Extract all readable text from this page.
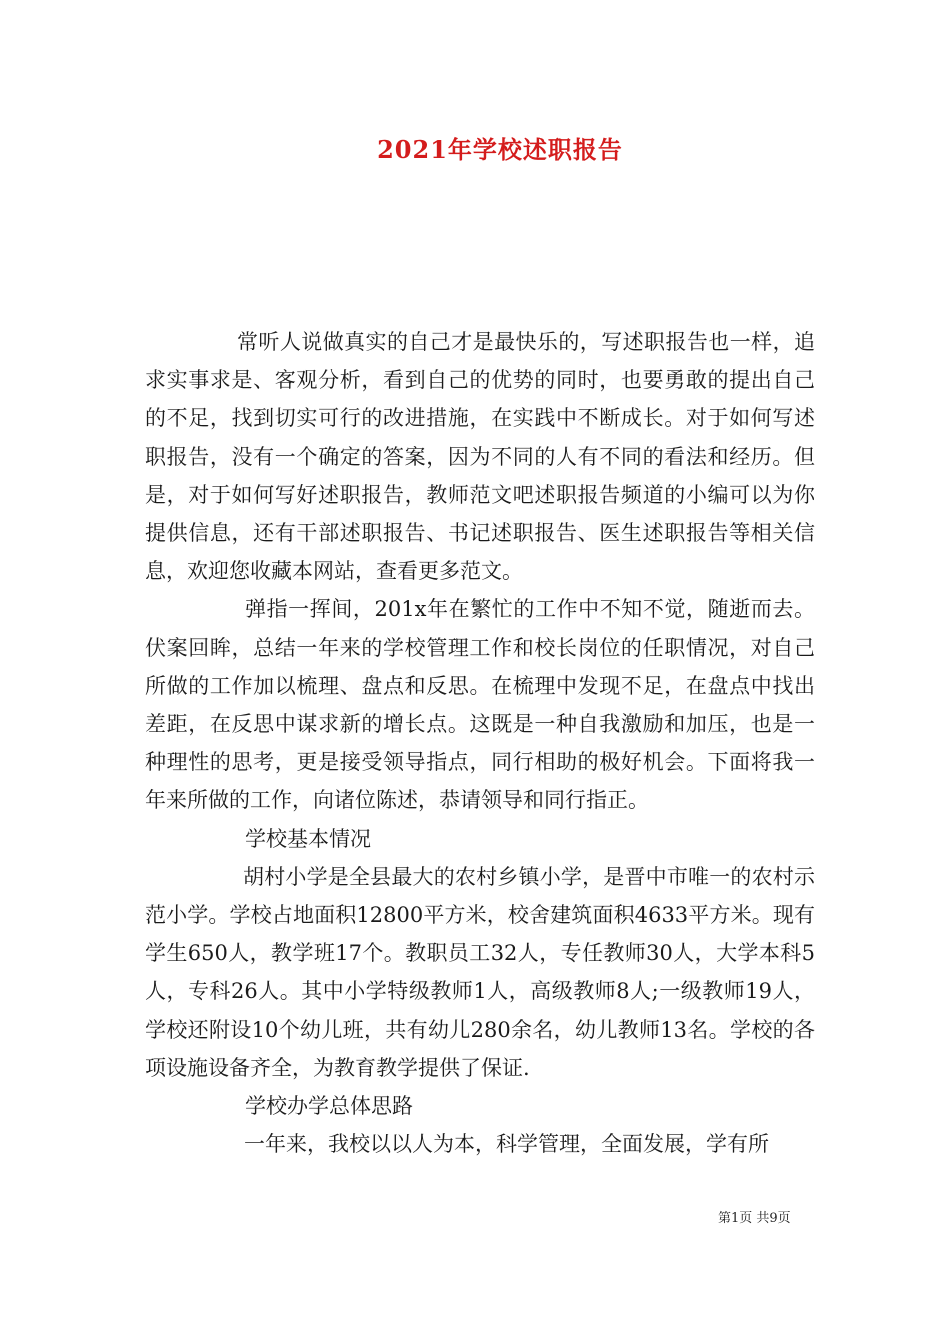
2021年学校述职报告

常听人说做真实的自己才是最快乐的，写述职报告也一样，追求实事求是、客观分析，看到自己的优势的同时，也要勇敢的提出自己的不足，找到切实可行的改进措施，在实践中不断成长。对于如何写述职报告，没有一个确定的答案，因为不同的人有不同的看法和经历。但是，对于如何写好述职报告，教师范文吧述职报告频道的小编可以为你提供信息，还有干部述职报告、书记述职报告、医生述职报告等相关信息，欢迎您收藏本网站，查看更多范文。

弹指一挥间，201x年在繁忙的工作中不知不觉，随逝而去。伏案回眸，总结一年来的学校管理工作和校长岗位的任职情况，对自己所做的工作加以梳理、盘点和反思。在梳理中发现不足，在盘点中找出差距，在反思中谋求新的增长点。这既是一种自我激励和加压，也是一种理性的思考，更是接受领导指点，同行相助的极好机会。下面将我一年来所做的工作，向诸位陈述，恭请领导和同行指正。

学校基本情况

胡村小学是全县最大的农村乡镇小学，是晋中市唯一的农村示范小学。学校占地面积12800平方米，校舍建筑面积4633平方米。现有学生650人，教学班17个。教职员工32人，专任教师30人，大学本科5人，专科26人。其中小学特级教师1人，高级教师8人;一级教师19人，学校还附设10个幼儿班，共有幼儿280余名，幼儿教师13名。学校的各项设施设备齐全，为教育教学提供了保证.

学校办学总体思路

一年来，我校以以人为本，科学管理，全面发展，学有所

第1页 共9页
